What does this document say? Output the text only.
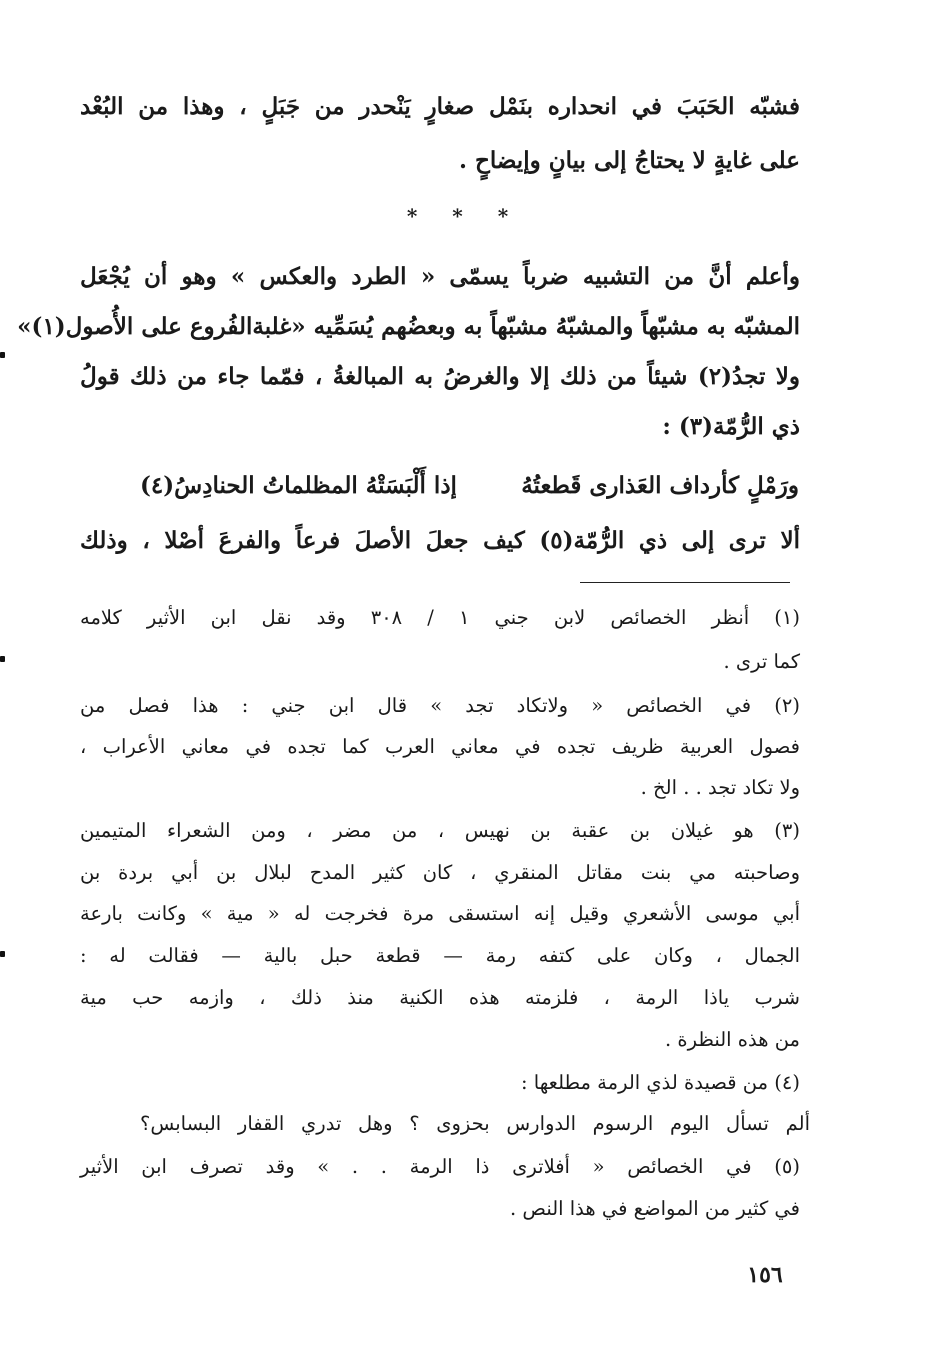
فشبّه الحَبَبَ في انحداره بنَمْل صغارٍ يَنْحدر من جَبَلٍ ، وهذا من البُعْد
على غايةٍ لا يحتاجُ إلى بيانٍ وإيضاحٍ .
* * *
وأعلم أنَّ من التشبيه ضرباً يسمّى « الطرد والعكس » وهو أن يُجْعَل
المشبّه به مشبّهاً والمشبّهُ مشبّهاً به وبعضُهم يُسَمِّيه «غلبةالفُروع على الأُصول(١)»
ولا تجدُ(٢) شيئاً من ذلك إلا والغرضُ به المبالغةُ ، فمّما جاء من ذلك قولُ
ذي الرُّمّة(٣) :
ورَمْلٍ كأرداف العَذارى قَطعتُهُ
إذا أَلْبَسَتْهُ المظلماتُ الحنادِسُ(٤)
ألا ترى إلى ذي الرُّمّة(٥) كيف جعلَ الأصلَ فرعاً والفرعَ أصْلا ، وذلك
(١) أنظر الخصائص لابن جني ١ / ٣٠٨ وقد نقل ابن الأثير كلامه
كما ترى .
(٢) في الخصائص « ولاتكاد تجد » قال ابن جني : هذا فصل من
فصول العربية ظريف تجده في معاني العرب كما تجده في معاني الأعراب ،
ولا تكاد تجد . . الخ .
(٣) هو غيلان بن عقبة بن نهيس ، من مضر ، ومن الشعراء المتيمين
وصاحبته مي بنت مقاتل المنقري ، كان كثير المدح لبلال بن أبي بردة بن
أبي موسى الأشعري وقيل إنه استسقى مرة فخرجت له « مية » وكانت بارعة
الجمال ، وكان على كتفه رمة — قطعة حبل بالية — فقالت له :
شرب ياذا الرمة ، فلزمته هذه الكنية منذ ذلك ، وازمه حب مية
من هذه النظرة .
(٤) من قصيدة لذي الرمة مطلعها :
ألم تسأل اليوم الرسوم الدوارس بحزوى ؟ وهل تدري القفار البسابس؟
(٥) في الخصائص « أفلاترى ذا الرمة . . » وقد تصرف ابن الأثير
في كثير من المواضع في هذا النص .
١٥٦
